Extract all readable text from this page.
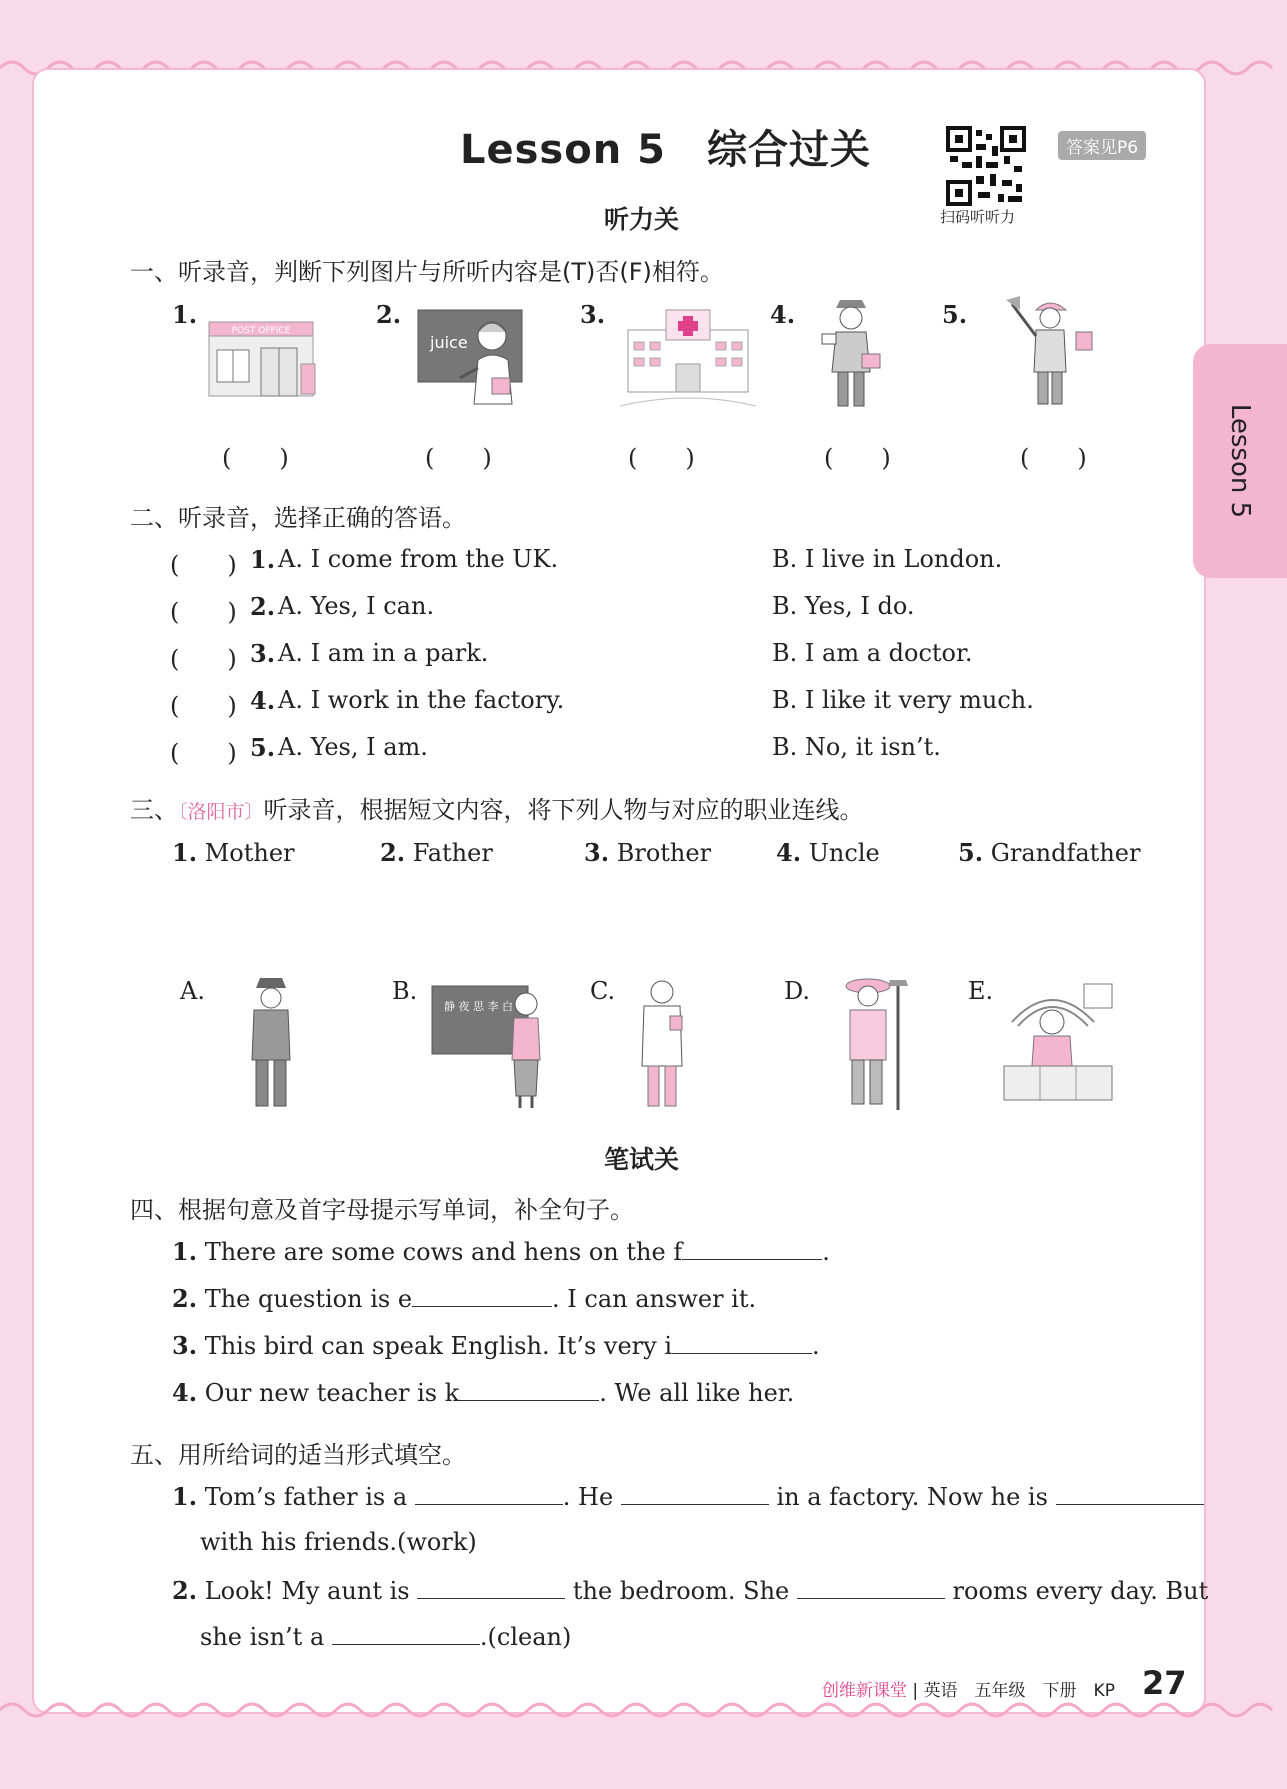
Lesson 5
Lesson 5　综合过关
扫码听听力
答案见P6
听力关
一、听录音，判断下列图片与所听内容是(T)否(F)相符。
1.
POST OFFICE
2.
juice
3.	4.	5.
(　　)	(　　)	(　　)	(　　)	(　　)
二、听录音，选择正确的答语。
(　　) 1. A. I come from the UK.	B. I live in London.
(　　) 2. A. Yes, I can.	B. Yes, I do.
(　　) 3. A. I am in a park.	B. I am a doctor.
(　　) 4. A. I work in the factory.	B. I like it very much.
(　　) 5. A. Yes, I am.	B. No, it isn’t.
三、〔洛阳市〕听录音，根据短文内容，将下列人物与对应的职业连线。
1. Mother	2. Father	3. Brother	4. Uncle	5. Grandfather
A.	B.
静 夜 思 李 白
C.	D.	E.
笔试关
四、根据句意及首字母提示写单词，补全句子。
1. There are some cows and hens on the f	.
2. The question is e	. I can answer it.
3. This bird can speak English. It’s very i	.
4. Our new teacher is k	. We all like her.
五、用所给词的适当形式填空。
1. Tom’s father is a	. He	in a factory. Now he is
with his friends.(work)
2. Look! My aunt is	the bedroom. She	rooms every day. But
she isn’t a	.(clean)
创维新课堂 | 英语　五年级　下册　KP 27
